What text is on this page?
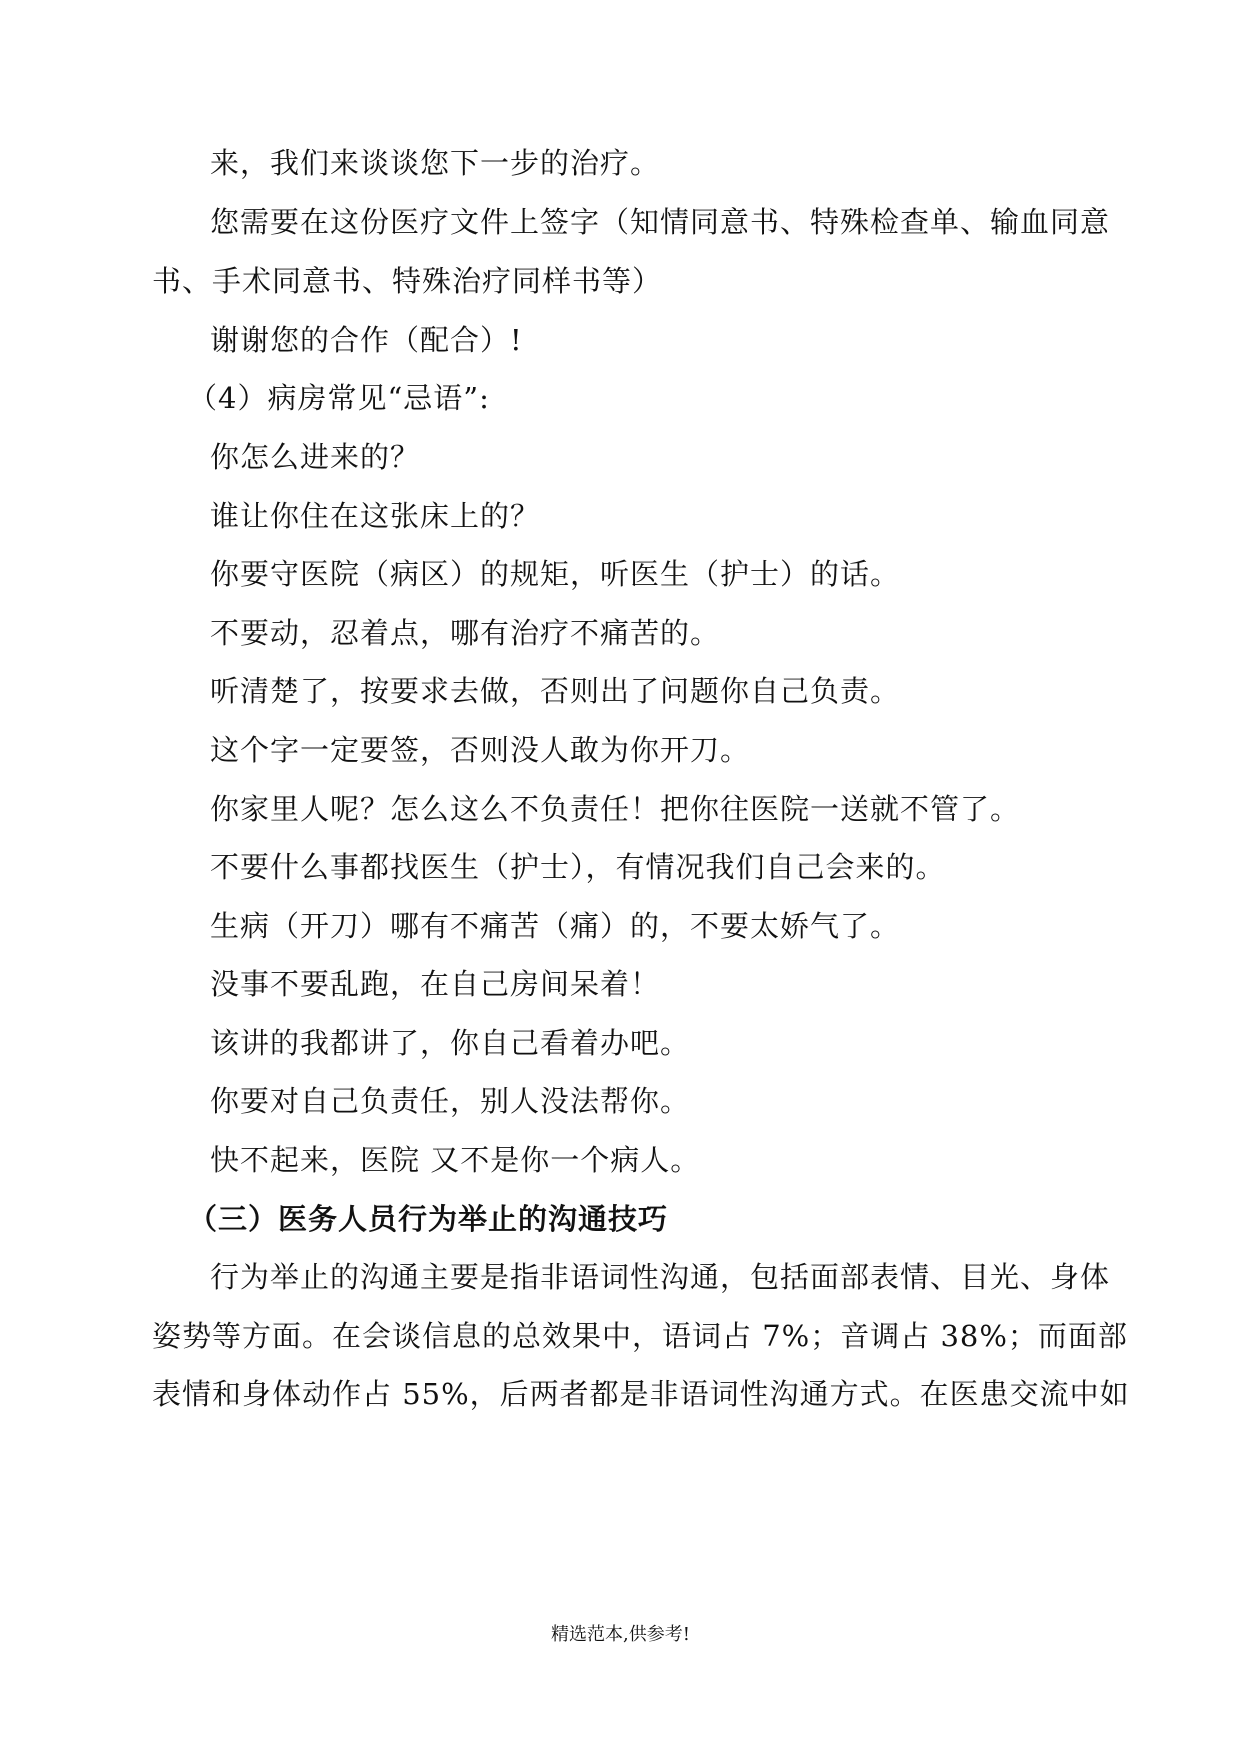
来，我们来谈谈您下一步的治疗。
您需要在这份医疗文件上签字（知情同意书、特殊检查单、输血同意
书、手术同意书、特殊治疗同样书等）
谢谢您的合作（配合）!
（4）病房常见“忌语”:
你怎么进来的？
谁让你住在这张床上的？
你要守医院（病区）的规矩，听医生（护士）的话。
不要动，忍着点，哪有治疗不痛苦的。
听清楚了，按要求去做，否则出了问题你自己负责。
这个字一定要签，否则没人敢为你开刀。
你家里人呢？怎么这么不负责任！把你往医院一送就不管了。
不要什么事都找医生（护士），有情况我们自己会来的。
生病（开刀）哪有不痛苦（痛）的，不要太娇气了。
没事不要乱跑，在自己房间呆着！
该讲的我都讲了，你自己看着办吧。
你要对自己负责任，别人没法帮你。
快不起来，医院 又不是你一个病人。
（三）医务人员行为举止的沟通技巧
行为举止的沟通主要是指非语词性沟通，包括面部表情、目光、身体
姿势等方面。在会谈信息的总效果中，语词占 7%；音调占 38%；而面部
表情和身体动作占 55%，后两者都是非语词性沟通方式。在医患交流中如
精选范本,供参考!
